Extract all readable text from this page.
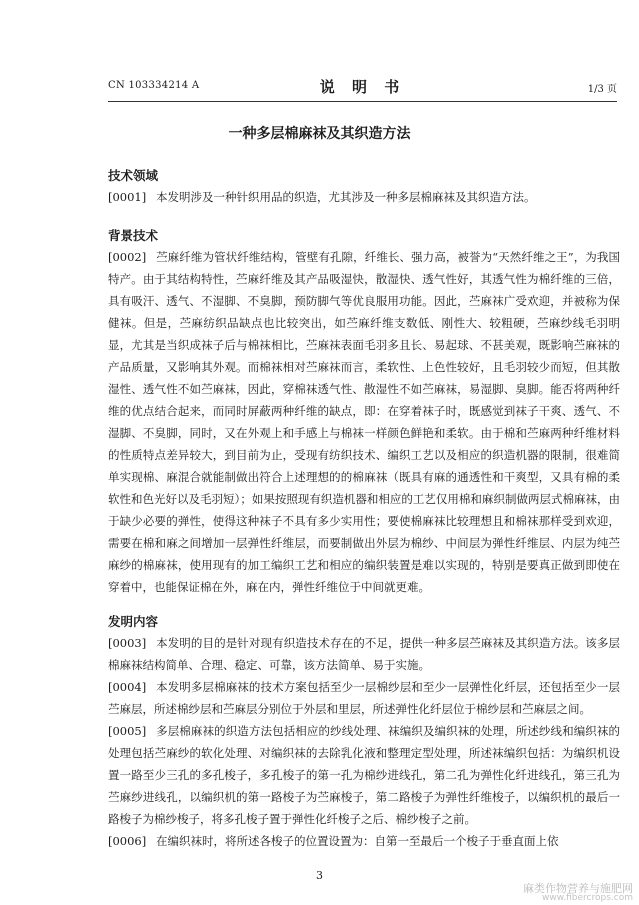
CN 103334214 A	说 明 书	1/3 页
一种多层棉麻袜及其织造方法

技术领域

[0001] 本发明涉及一种针织用品的织造，尤其涉及一种多层棉麻袜及其织造方法。

背景技术

[0002] 苎麻纤维为管状纤维结构，管壁有孔隙，纤维长、强力高，被誉为“天然纤维之王”，为我国特产。由于其结构特性，苎麻纤维及其产品吸湿快，散湿快、透气性好，其透气性为棉纤维的三倍，具有吸汗、透气、不湿脚、不臭脚，预防脚气等优良服用功能。因此，苎麻袜广受欢迎，并被称为保健袜。但是，苎麻纺织品缺点也比较突出，如苎麻纤维支数低、刚性大、较粗硬，苎麻纱线毛羽明显，尤其是当织成袜子后与棉袜相比，苎麻袜表面毛羽多且长、易起球、不甚美观，既影响苎麻袜的产品质量，又影响其外观。而棉袜相对苎麻袜而言，柔软性、上色性较好，且毛羽较少而短，但其散湿性、透气性不如苎麻袜，因此，穿棉袜透气性、散湿性不如苎麻袜，易湿脚、臭脚。能否将两种纤维的优点结合起来，而同时屏蔽两种纤维的缺点，即：在穿着袜子时，既感觉到袜子干爽、透气、不湿脚、不臭脚，同时，又在外观上和手感上与棉袜一样颜色鲜艳和柔软。由于棉和苎麻两种纤维材料的性质特点差异较大，到目前为止，受现有纺织技术、编织工艺以及相应的织造机器的限制，很难简单实现棉、麻混合就能制做出符合上述理想的的棉麻袜（既具有麻的通透性和干爽型，又具有棉的柔软性和色光好以及毛羽短）；如果按照现有织造机器和相应的工艺仅用棉和麻织制做两层式棉麻袜，由于缺少必要的弹性，使得这种袜子不具有多少实用性；要使棉麻袜比较理想且和棉袜那样受到欢迎，需要在棉和麻之间增加一层弹性纤维层，而要制做出外层为棉纱、中间层为弹性纤维层、内层为纯苎麻纱的棉麻袜，使用现有的加工编织工艺和相应的编织装置是难以实现的，特别是要真正做到即使在穿着中，也能保证棉在外，麻在内，弹性纤维位于中间就更难。

发明内容

[0003] 本发明的目的是针对现有织造技术存在的不足，提供一种多层苎麻袜及其织造方法。该多层棉麻袜结构简单、合理、稳定、可靠，该方法简单、易于实施。

[0004] 本发明多层棉麻袜的技术方案包括至少一层棉纱层和至少一层弹性化纤层，还包括至少一层苎麻层，所述棉纱层和苎麻层分别位于外层和里层，所述弹性化纤层位于棉纱层和苎麻层之间。

[0005] 多层棉麻袜的织造方法包括相应的纱线处理、袜编织及编织袜的处理，所述纱线和编织袜的处理包括苎麻纱的软化处理、对编织袜的去除乳化液和整理定型处理，所述袜编织包括：为编织机设置一路至少三孔的多孔梭子，多孔梭子的第一孔为棉纱进线孔，第二孔为弹性化纤进线孔，第三孔为苎麻纱进线孔，以编织机的第一路梭子为苎麻梭子，第二路梭子为弹性纤维梭子，以编织机的最后一路梭子为棉纱梭子，将多孔梭子置于弹性化纤梭子之后、棉纱梭子之前。

[0006] 在编织袜时，将所述各梭子的位置设置为：自第一至最后一个梭子于垂直面上依

3
麻类作物营养与施肥网
www.fibercrops.com
